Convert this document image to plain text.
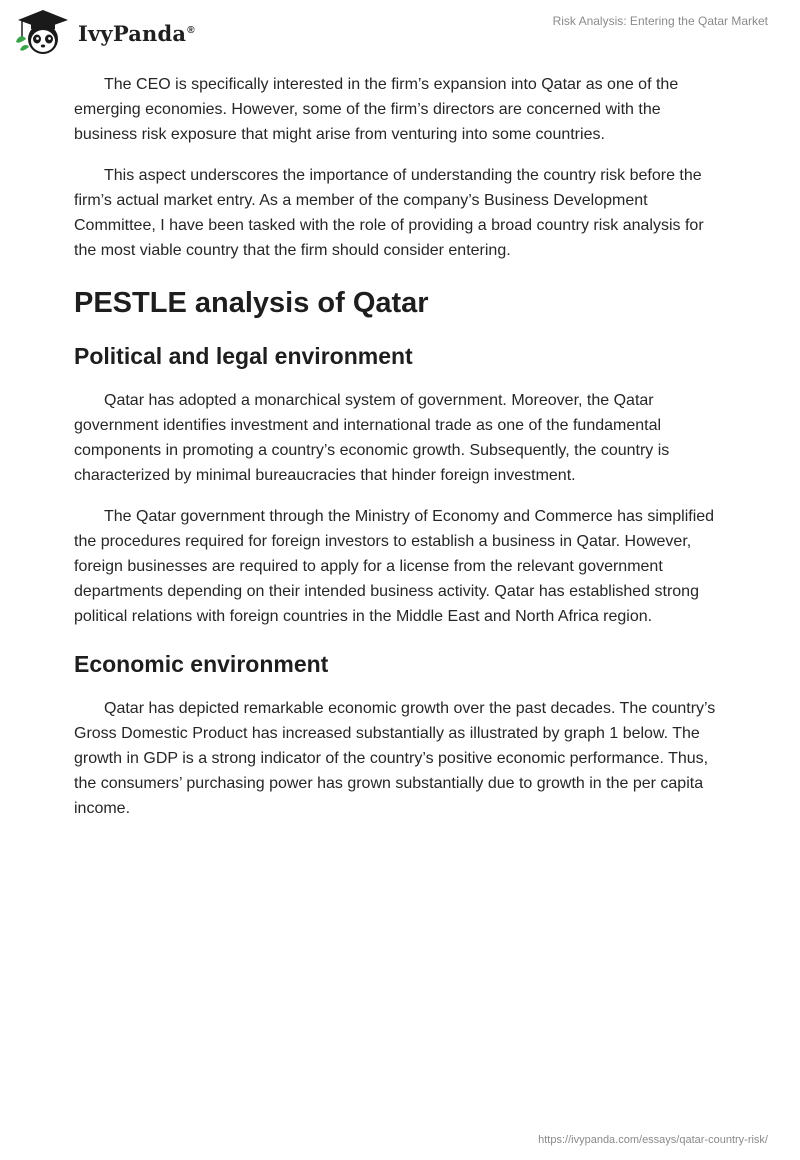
IvyPanda®
Risk Analysis: Entering the Qatar Market

The CEO is specifically interested in the firm’s expansion into Qatar as one of the emerging economies. However, some of the firm’s directors are concerned with the business risk exposure that might arise from venturing into some countries.

This aspect underscores the importance of understanding the country risk before the firm’s actual market entry. As a member of the company’s Business Development Committee, I have been tasked with the role of providing a broad country risk analysis for the most viable country that the firm should consider entering.

PESTLE analysis of Qatar
Political and legal environment

Qatar has adopted a monarchical system of government. Moreover, the Qatar government identifies investment and international trade as one of the fundamental components in promoting a country’s economic growth. Subsequently, the country is characterized by minimal bureaucracies that hinder foreign investment.

The Qatar government through the Ministry of Economy and Commerce has simplified the procedures required for foreign investors to establish a business in Qatar. However, foreign businesses are required to apply for a license from the relevant government departments depending on their intended business activity. Qatar has established strong political relations with foreign countries in the Middle East and North Africa region.

Economic environment

Qatar has depicted remarkable economic growth over the past decades. The country’s Gross Domestic Product has increased substantially as illustrated by graph 1 below. The growth in GDP is a strong indicator of the country’s positive economic performance. Thus, the consumers’ purchasing power has grown substantially due to growth in the per capita income.

https://ivypanda.com/essays/qatar-country-risk/
